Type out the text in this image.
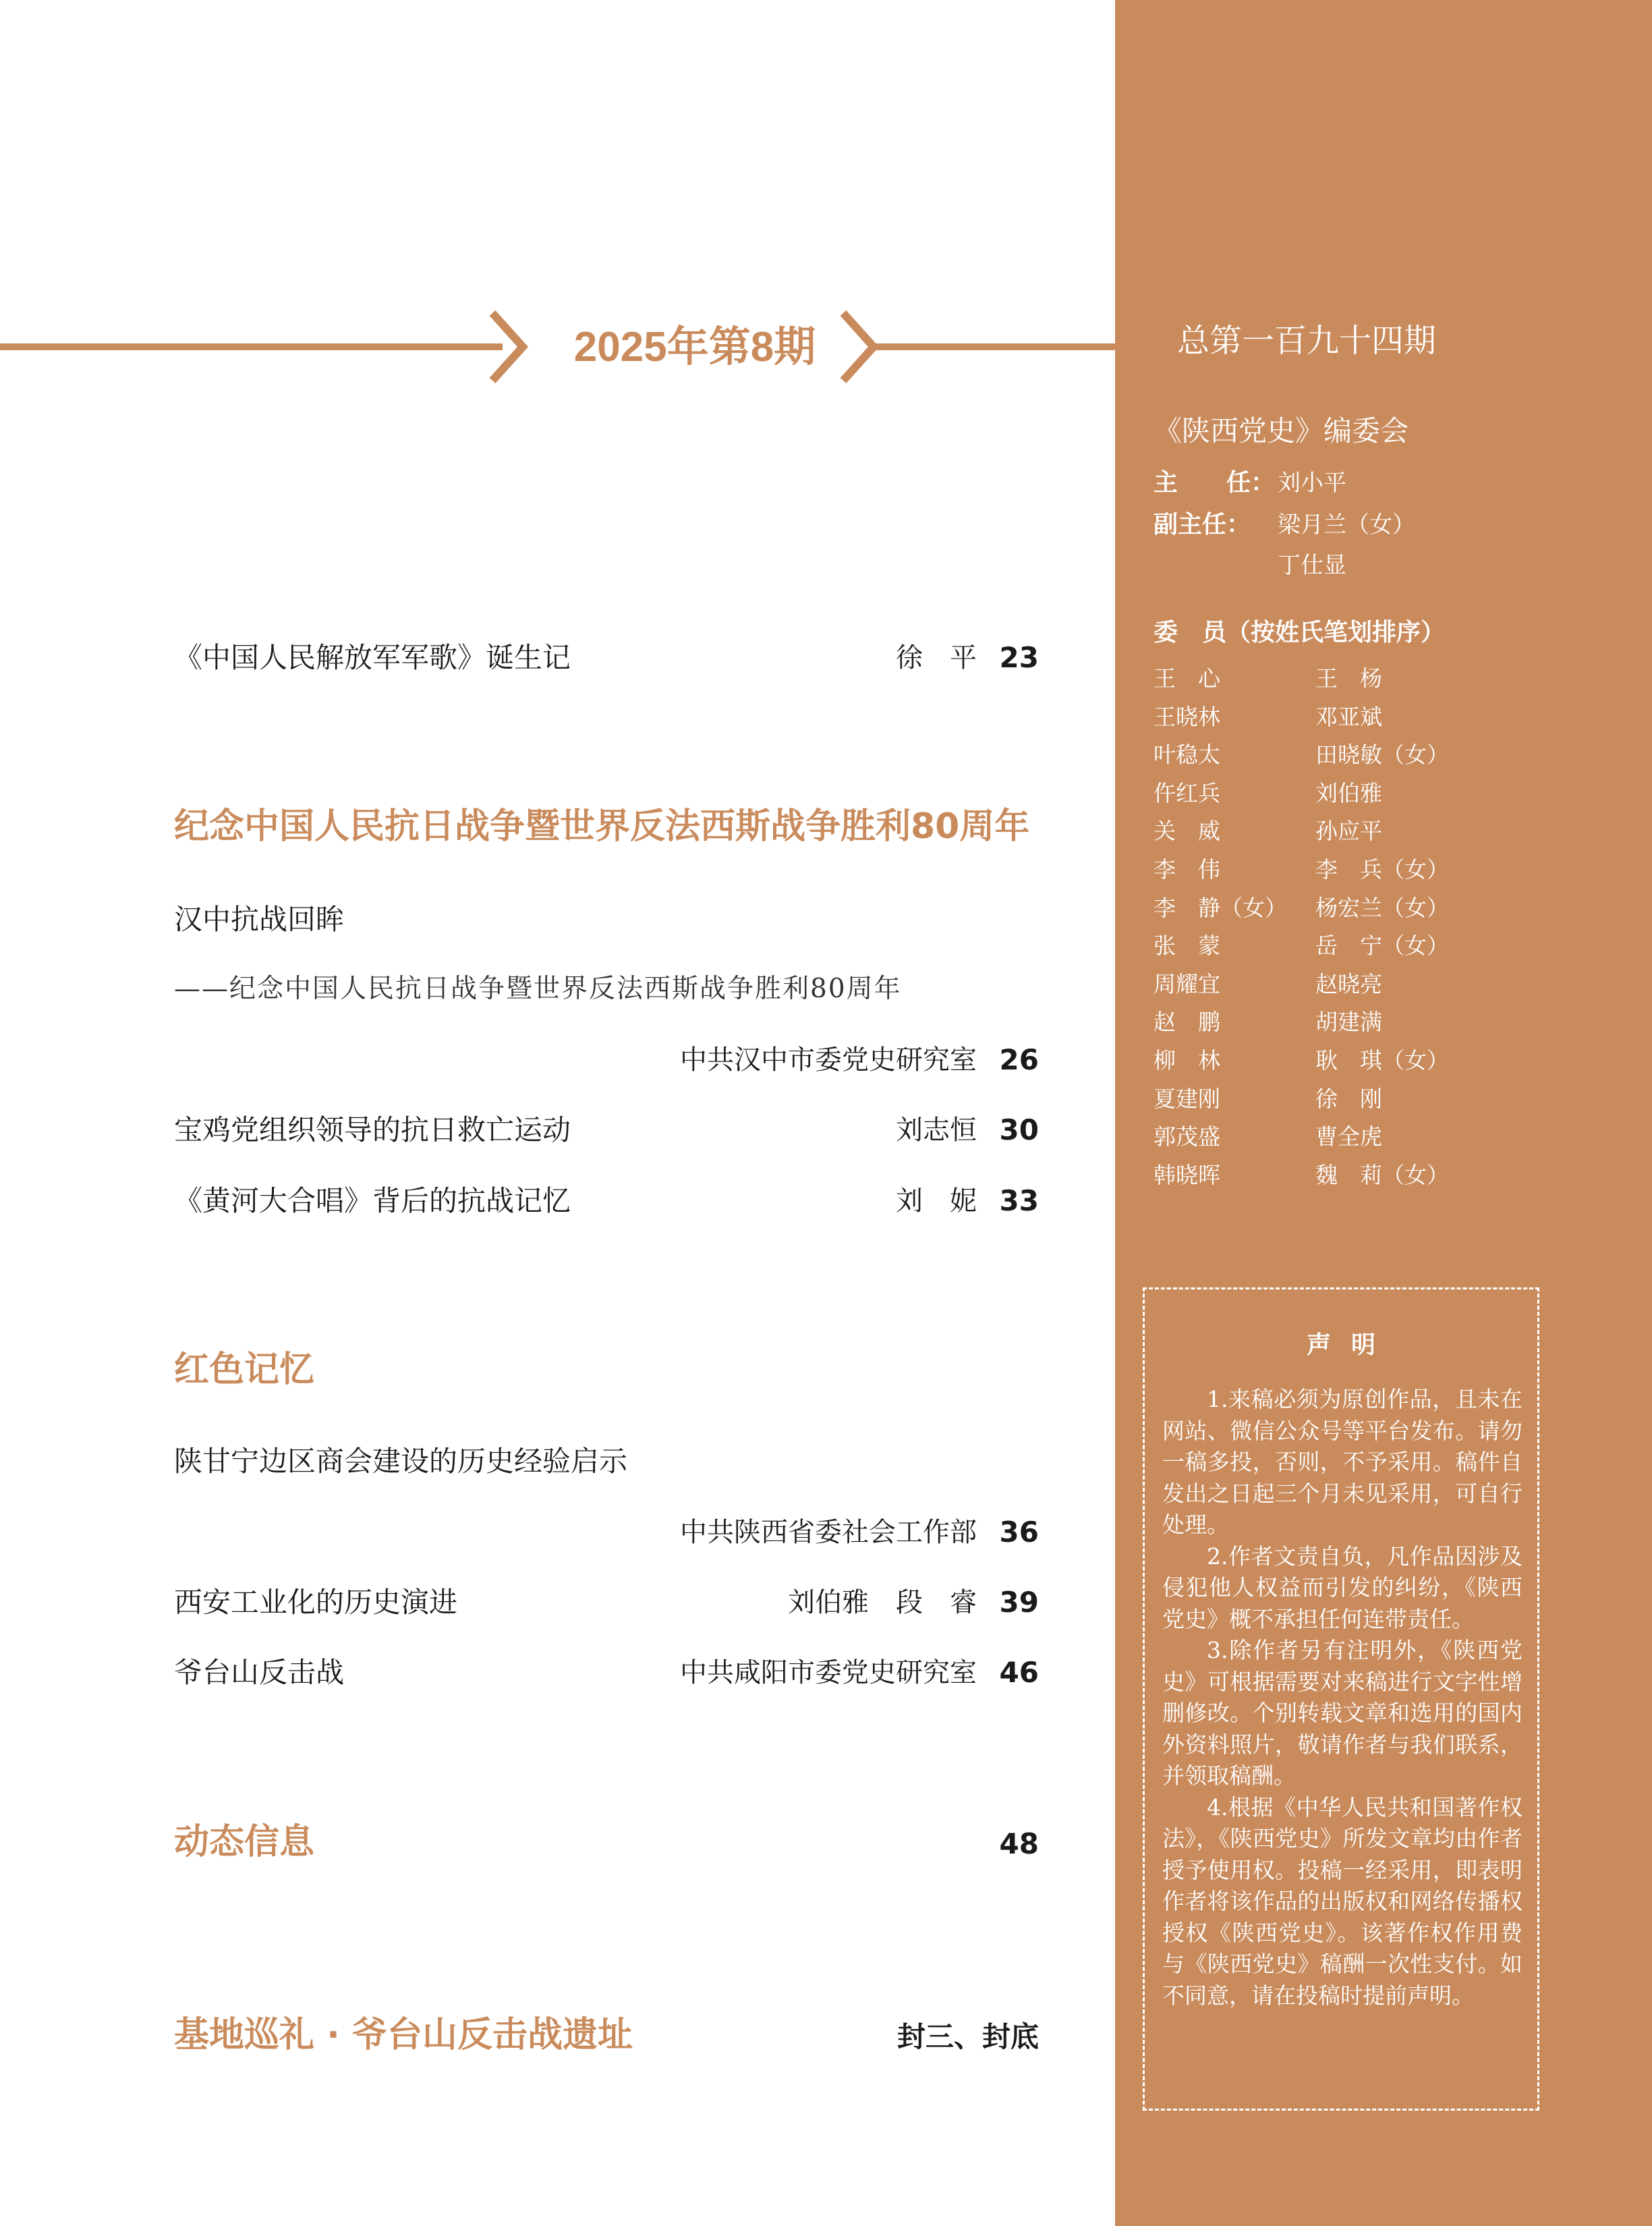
2025年第8期
《中国人民解放军军歌》诞生记	徐　平 23
纪念中国人民抗日战争暨世界反法西斯战争胜利80周年
汉中抗战回眸
——纪念中国人民抗日战争暨世界反法西斯战争胜利80周年
中共汉中市委党史研究室 26
宝鸡党组织领导的抗日救亡运动	刘志恒 30
《黄河大合唱》背后的抗战记忆	刘　妮 33
红色记忆
陕甘宁边区商会建设的历史经验启示
中共陕西省委社会工作部 36
西安工业化的历史演进	刘伯雅　段　睿 39
爷台山反击战	中共咸阳市委党史研究室 46
动态信息	48
基地巡礼 · 爷台山反击战遗址	封三、封底
总第一百九十四期
《陕西党史》编委会
主　　任： 刘小平
副主任： 梁月兰（女）
丁仕显
委　员（按姓氏笔划排序）
王　心	王　杨
王晓林	邓亚斌
叶稳太	田晓敏（女）
仵红兵	刘伯雅
关　威	孙应平
李　伟	李　兵（女）
李　静（女） 杨宏兰（女）
张　蒙	岳　宁（女）
周耀宜	赵晓亮
赵　鹏	胡建满
柳　林	耿　琪（女）
夏建刚	徐　刚
郭茂盛	曹全虎
韩晓晖	魏　莉（女）
声明

1.来稿必须为原创作品，且未在网站、微信公众号等平台发布。请勿一稿多投，否则，不予采用。稿件自发出之日起三个月未见采用，可自行处理。

2.作者文责自负，凡作品因涉及侵犯他人权益而引发的纠纷，《陕西党史》概不承担任何连带责任。

3.除作者另有注明外，《陕西党史》可根据需要对来稿进行文字性增删修改。个别转载文章和选用的国内外资料照片，敬请作者与我们联系，并领取稿酬。

4.根据《中华人民共和国著作权法》，《陕西党史》所发文章均由作者授予使用权。投稿一经采用，即表明作者将该作品的出版权和网络传播权授权《陕西党史》。该著作权作用费与《陕西党史》稿酬一次性支付。如不同意，请在投稿时提前声明。
